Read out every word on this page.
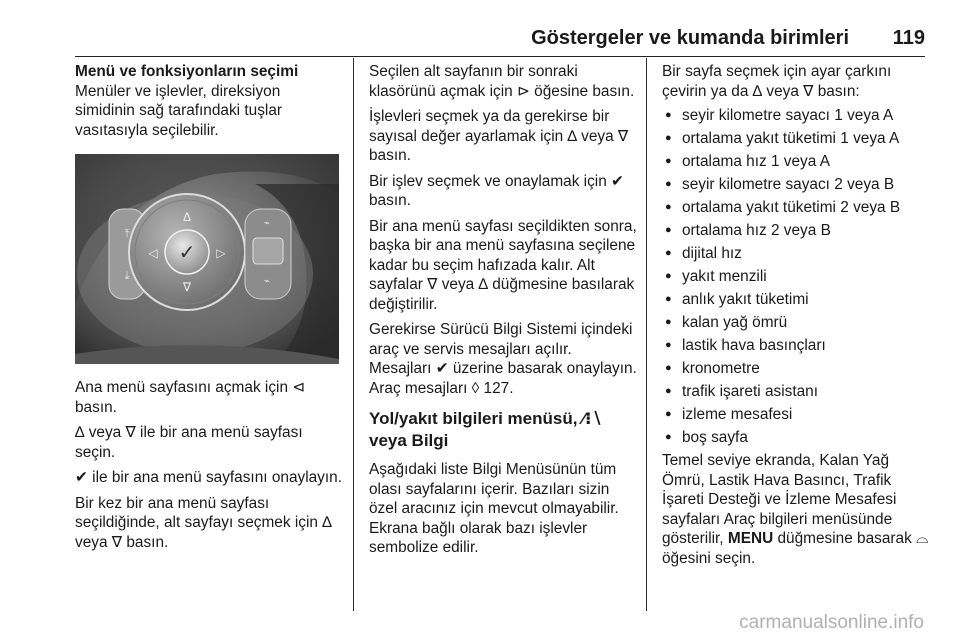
Göstergeler ve kumanda birimleri 119

Menü ve fonksiyonların seçimi

Menüler ve işlevler, direksiyon simidinin sağ tarafındaki tuşlar vasıtasıyla seçilebilir.

⤒
⤓
✓
Δ
∇
◁	▷
⌁
⌁

Ana menü sayfasını açmak için ⊲ basın.

∆ veya ∇ ile bir ana menü sayfası seçin.

✔ ile bir ana menü sayfasını onaylayın.

Bir kez bir ana menü sayfası seçildiğinde, alt sayfayı seçmek için ∆ veya ∇ basın.

Seçilen alt sayfanın bir sonraki klasörünü açmak için ⊳ öğesine basın.

İşlevleri seçmek ya da gerekirse bir sayısal değer ayarlamak için ∆ veya ∇ basın.

Bir işlev seçmek ve onaylamak için ✔ basın.

Bir ana menü sayfası seçildikten sonra, başka bir ana menü sayfasına seçilene kadar bu seçim hafızada kalır. Alt sayfalar ∇ veya ∆ düğmesine basılarak değiştirilir.

Gerekirse Sürücü Bilgi Sistemi içindeki araç ve servis mesajları açılır. Mesajları ✔ üzerine basarak onaylayın. Araç mesajları ◊ 127.

Yol/yakıt bilgileri menüsü, ⁄⁝∖ veya Bilgi

Aşağıdaki liste Bilgi Menüsünün tüm olası sayfalarını içerir. Bazıları sizin özel aracınız için mevcut olmayabilir. Ekrana bağlı olarak bazı işlevler sembolize edilir.

Bir sayfa seçmek için ayar çarkını çevirin ya da ∆ veya ∇ basın:

● seyir kilometre sayacı 1 veya A
● ortalama yakıt tüketimi 1 veya A
● ortalama hız 1 veya A
● seyir kilometre sayacı 2 veya B
● ortalama yakıt tüketimi 2 veya B
● ortalama hız 2 veya B
● dijital hız
● yakıt menzili
● anlık yakıt tüketimi
● kalan yağ ömrü
● lastik hava basınçları
● kronometre
● trafik işareti asistanı
● izleme mesafesi
● boş sayfa

Temel seviye ekranda, Kalan Yağ Ömrü, Lastik Hava Basıncı, Trafik İşareti Desteği ve İzleme Mesafesi sayfaları Araç bilgileri menüsünde gösterilir, MENU düğmesine basarak ⌓ öğesini seçin.

carmanualsonline.info
